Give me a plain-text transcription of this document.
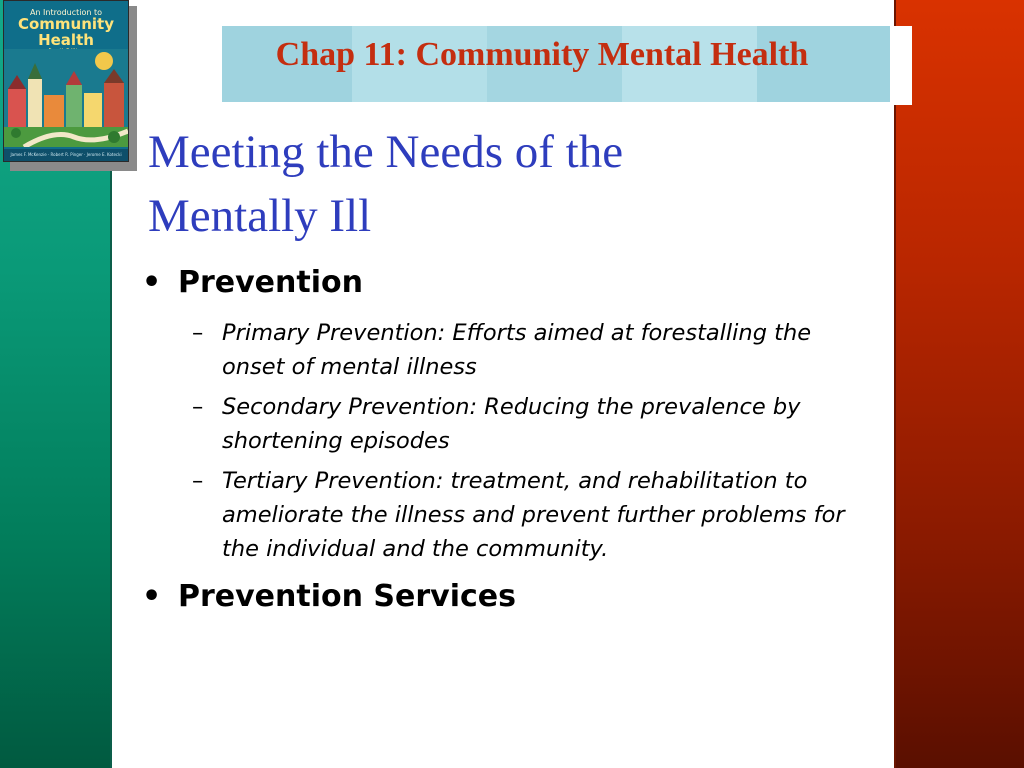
An Introduction to
Community
Health
James F. McKenzie · Robert R. Pinger · Jerome E. Kotecki
Chap 11: Community Mental Health
Meeting the Needs of the
Mentally Ill

• Prevention

– Primary Prevention: Efforts aimed at forestalling the onset of mental illness
– Secondary Prevention: Reducing the prevalence by shortening episodes
– Tertiary Prevention: treatment, and rehabilitation to ameliorate the illness and prevent further problems for the individual and the community.

• Prevention Services
